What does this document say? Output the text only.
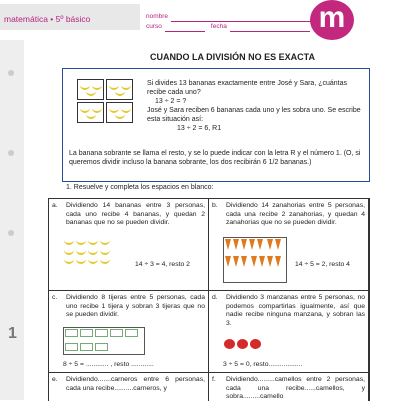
matemática • 5º básico	nombre
curso	fecha	m
1
CUANDO LA DIVISIÓN NO ES EXACTA

Si divides 13 bananas exactamente entre José y Sara, ¿cuántas recibe cada uno?

13 ÷ 2 = ?

José y Sara reciben 6 bananas cada uno y les sobra uno. Se escribe esta situación así:

13 ÷ 2 = 6, R1

La banana sobrante se llama el resto, y se lo puede indicar con la letra R y el número 1. (O, si queremos dividir incluso la banana sobrante, los dos recibirán 6 1/2 bananas.)
1. Resuelve y completa los espacios en blanco:
a.	Dividiendo 14 bananas entre 3 personas, cada uno recibe 4 bananas, y quedan 2 bananas que no se pueden dividir.

14 ÷ 3 = 4, resto 2
b.	Dividiendo 14 zanahorias entre 5 personas, cada una recibe 2 zanahorias, y quedan 4 zanahorias que no se pueden dividir.

14 ÷ 5 = 2, resto 4
c.	Dividiendo 8 tijeras entre 5 personas, cada uno recibe 1 tijera y sobran 3 tijeras que no se pueden dividir.

8 ÷ 5 = ............ , resto ............
d.	Dividiendo 3 manzanas entre 5 personas, no podemos compartirlas igualmente, así que nadie recibe ninguna manzana, y sobran las 3.
3 ÷ 5 = 0, resto..................
e.	Dividiendo.......carneros entre 6 personas, cada una recibe..........carneros, y
f.	Dividiendo.........camellos entre 2 personas, cada una recibe......camellos, y sobra.........camello
